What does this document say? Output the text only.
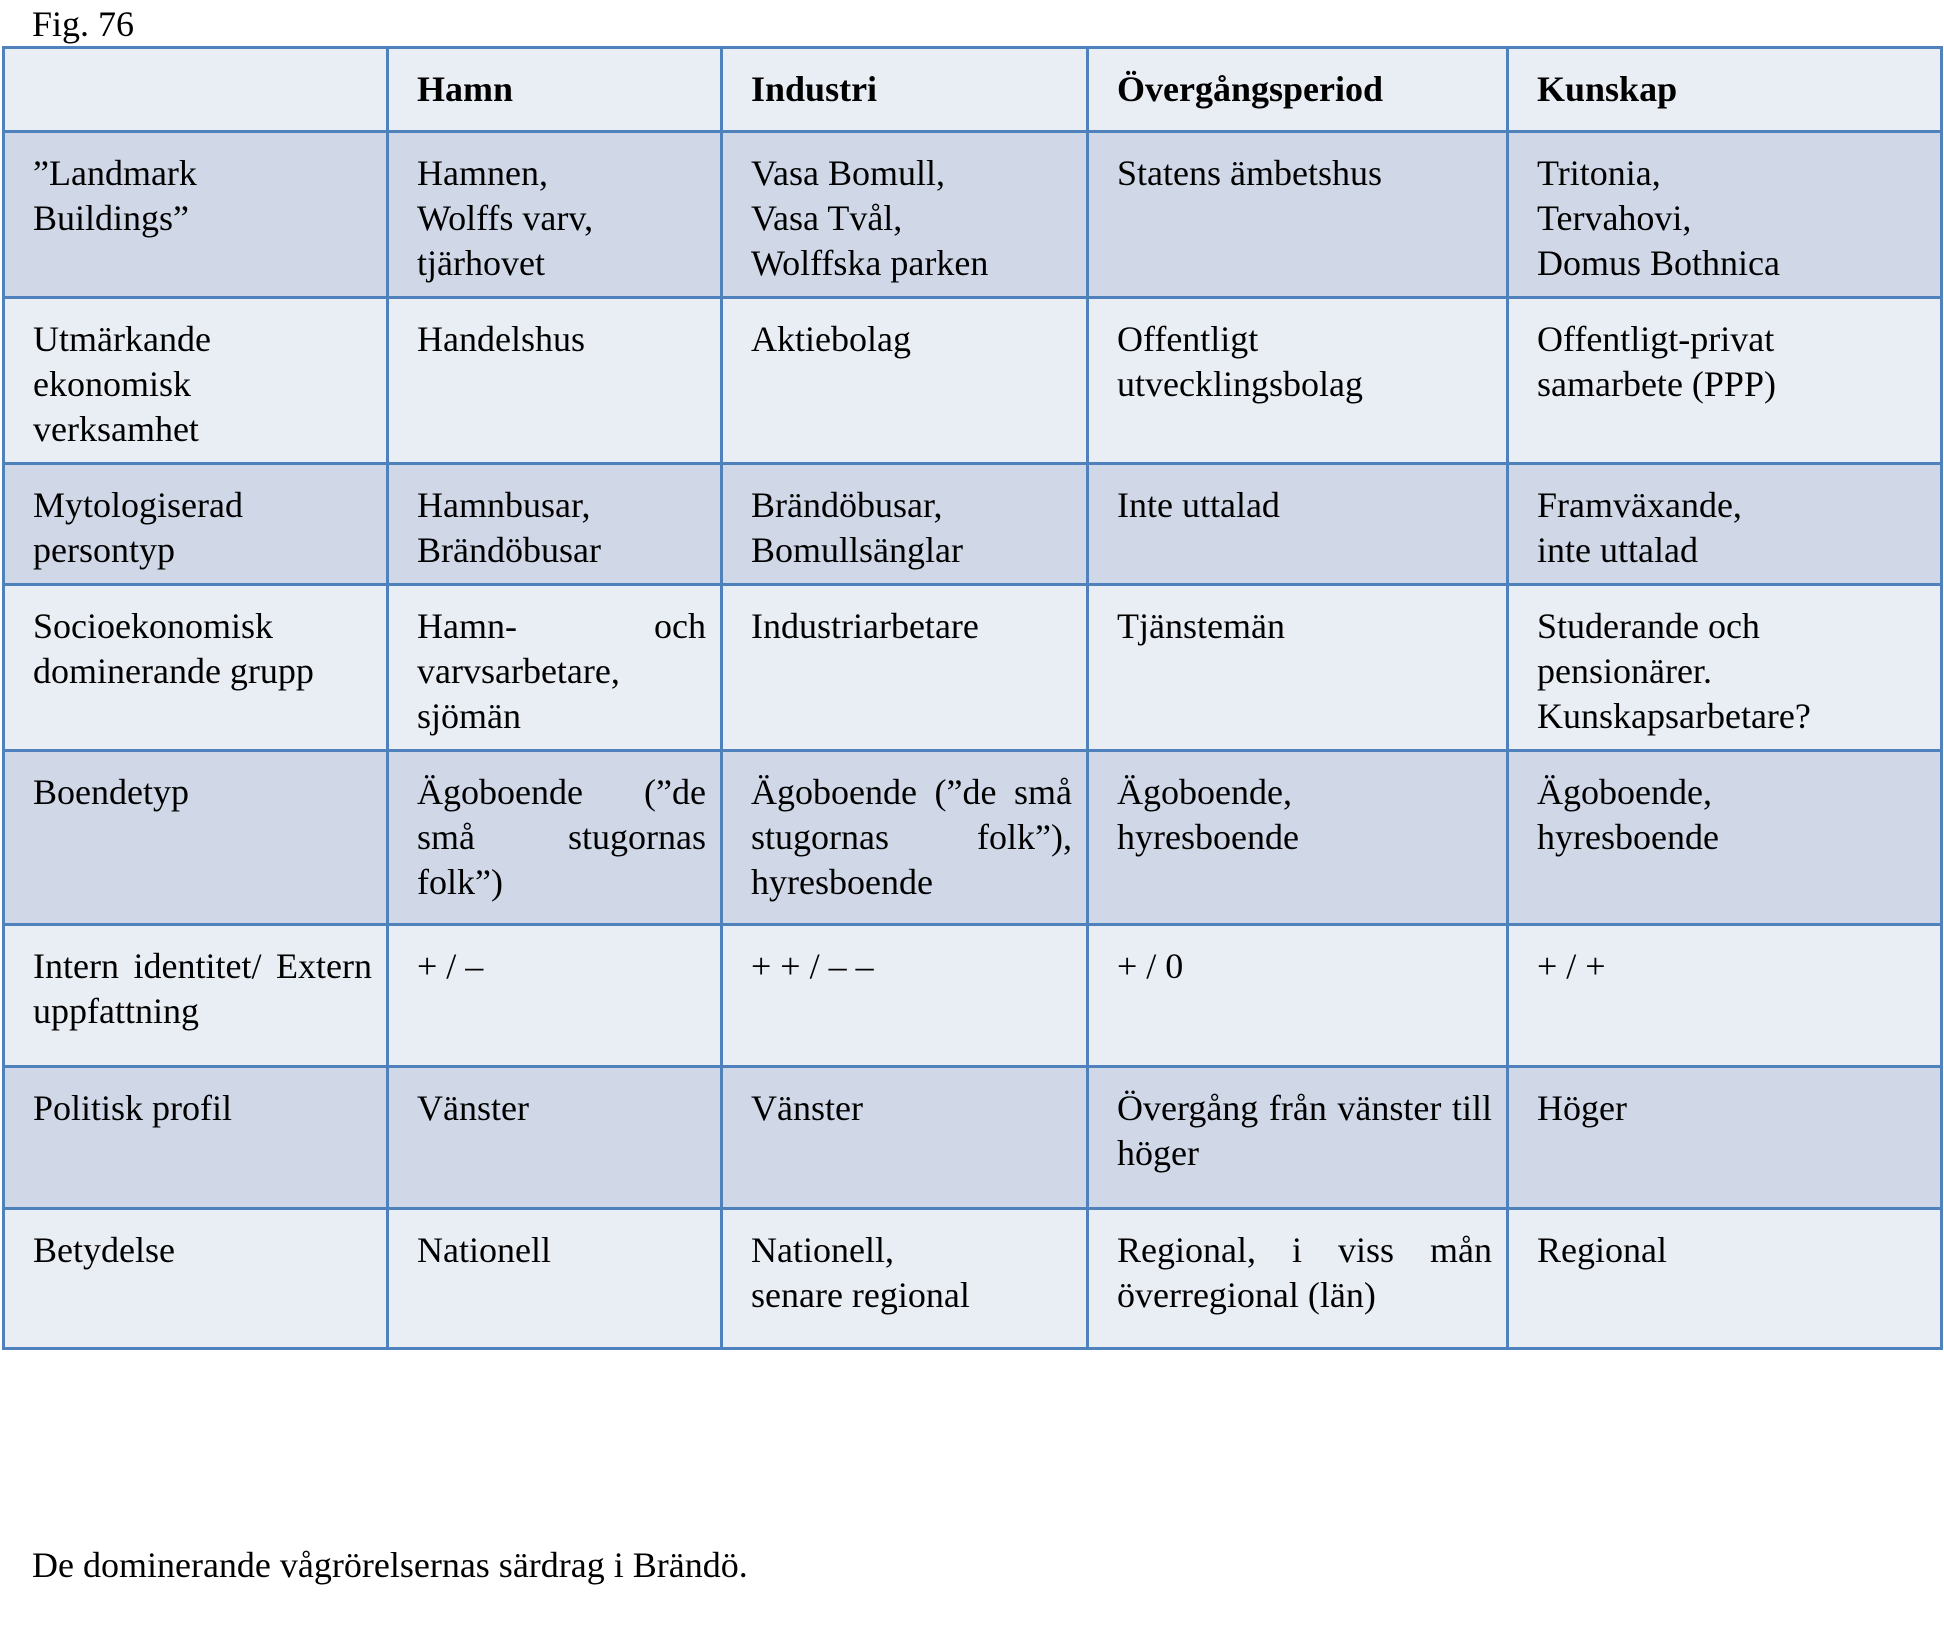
Fig. 76
	Hamn	Industri	Övergångsperiod	Kunskap

”Landmark
Buildings”	Hamnen,
Wolffs varv,
tjärhovet	Vasa Bomull,
Vasa Tvål,
Wolffska parken	Statens ämbetshus	Tritonia,
Tervahovi,
Domus Bothnica

Utmärkande
ekonomisk
verksamhet	Handelshus	Aktiebolag	Offentligt
utvecklingsbolag	Offentligt-privat
samarbete (PPP)

Mytologiserad
persontyp	Hamnbusar,
Brändöbusar	Brändöbusar,
Bomullsänglar	Inte uttalad	Framväxande,
inte uttalad

Socioekonomisk
dominerande grupp	Hamn- och varvsarbetare, sjömän	Industriarbetare	Tjänstemän	Studerande och
pensionärer.
Kunskapsarbetare?

Boendetyp	Ägoboende (”de små stugornas folk”)	Ägoboende (”de små stugornas folk”), hyresboende	Ägoboende,
hyresboende	Ägoboende,
hyresboende

Intern identitet/ Extern uppfattning	+ / –	+ + / – –	+ / 0	+ / +

Politisk profil	Vänster	Vänster	Övergång från vänster till höger	Höger

Betydelse	Nationell	Nationell,
senare regional	Regional, i viss mån överregional (län)	Regional
De dominerande vågrörelsernas särdrag i Brändö.
